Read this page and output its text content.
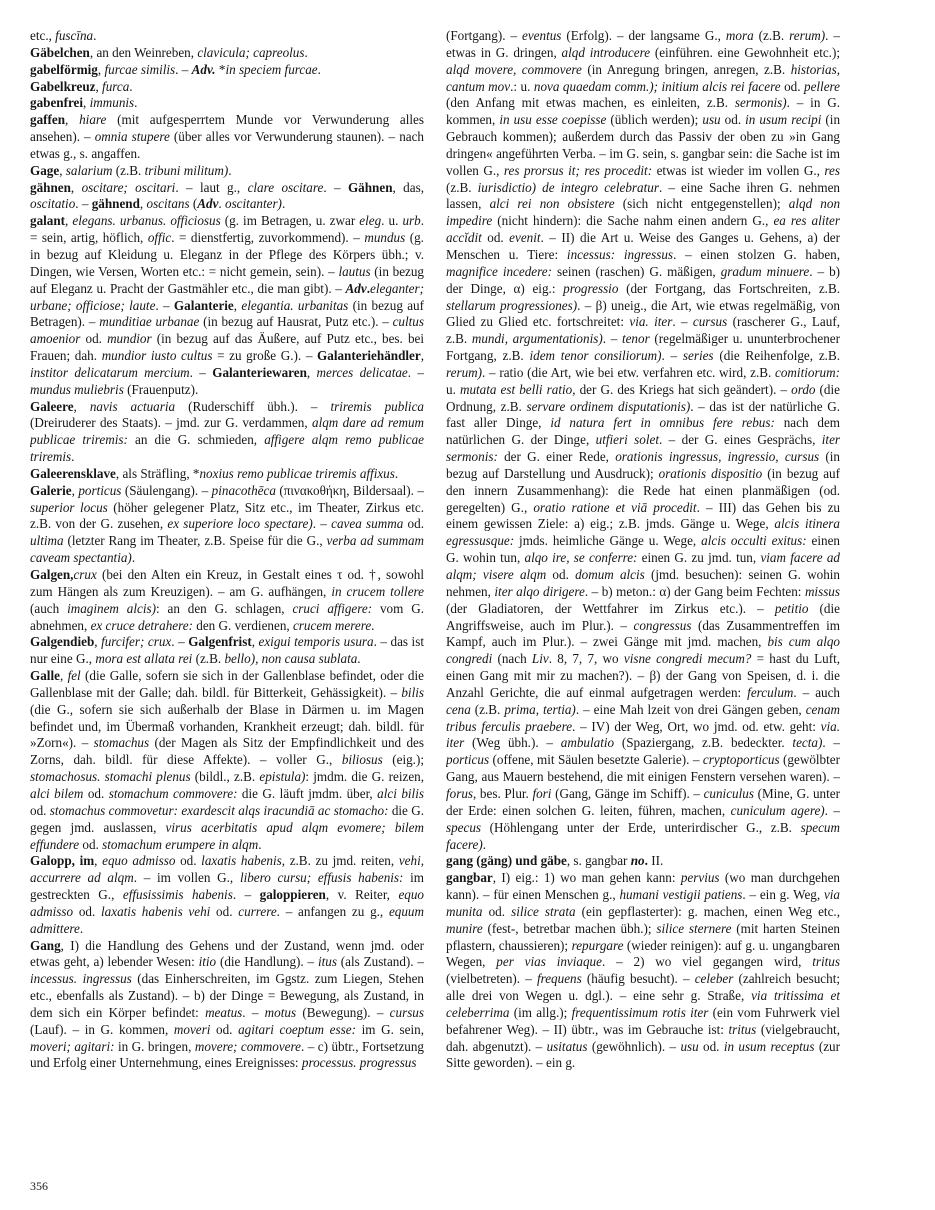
etc., fuscīna.
Gäbelchen, an den Weinreben, clavicula; capreolus.
gabelförmig, furcae similis. – Adv. *in speciem furcae.
Gabelkreuz, furca.
gabenfrei, immunis.
gaffen, hiare (mit aufgesperrtem Munde vor Verwunderung alles ansehen). – omnia stupere (über alles vor Verwunderung staunen). – nach etwas g., s. angaffen.
Gage, salarium (z.B. tribuni militum).
gähnen, oscitare; oscitari. – laut g., clare oscitare. – Gähnen, das, oscitatio. – gähnend, oscitans (Adv. oscitanter).
galant, elegans. urbanus. officiosus (g. im Betragen, u. zwar eleg. u. urb. = sein, artig, höflich, offic. = dienstfertig, zuvorkommend). – mundus (g. in bezug auf Kleidung u. Eleganz in der Pflege des Körpers übh.; v. Dingen, wie Versen, Worten etc.: = nicht gemein, sein). – lautus (in bezug auf Eleganz u. Pracht der Gastmähler etc., die man gibt). – Adv.eleganter; urbane; officiose; laute. – Galanterie, elegantia. urbanitas (in bezug auf Betragen). – munditiae urbanae (in bezug auf Hausrat, Putz etc.). – cultus amoenior od. mundior (in bezug auf das Äußere, auf Putz etc., bes. bei Frauen; dah. mundior iusto cultus = zu große G.). – Galanteriehändler, institor delicatarum mercium. – Galanteriewaren, merces delicatae. – mundus muliebris (Frauenputz).
Galeere, navis actuaria (Ruderschiff übh.). – triremis publica (Dreiruderer des Staats). – jmd. zur G. verdammen, alqm dare ad remum publicae triremis: an die G. schmieden, affigere alqm remo publicae triremis.
Galeerensklave, als Sträfling, *noxius remo publicae triremis affixus.
Galerie, porticus (Säulengang). – pinacothēca (πινακοθήκη, Bildersaal). – superior locus (höher gelegener Platz, Sitz etc., im Theater, Zirkus etc. z.B. von der G. zusehen, ex superiore loco spectare). – cavea summa od. ultima (letzter Rang im Theater, z.B. Speise für die G., verba ad summam caveam spectantia).
Galgen,crux (bei den Alten ein Kreuz, in Gestalt eines τ od. †, sowohl zum Hängen als zum Kreuzigen). – am G. aufhängen, in crucem tollere (auch imaginem alcis): an den G. schlagen, cruci affigere: vom G. abnehmen, ex cruce detrahere: den G. verdienen, crucem merere.
Galgendieb, furcifer; crux. – Galgenfrist, exigui temporis usura. – das ist nur eine G., mora est allata rei (z.B. bello), non causa sublata.
Galle, fel (die Galle, sofern sie sich in der Gallenblase befindet, oder die Gallenblase mit der Galle; dah. bildl. für Bitterkeit, Gehässigkeit). – bilis (die G., sofern sie sich außerhalb der Blase in Därmen u. im Magen befindet und, im Übermaß vorhanden, Krankheit erzeugt; dah. bildl. für »Zorn«). – stomachus (der Magen als Sitz der Empfindlichkeit und des Zorns, dah. bildl. für diese Affekte). – voller G., biliosus (eig.); stomachosus. stomachi plenus (bildl., z.B. epistula): jmdm. die G. reizen, alci bilem od. stomachum commovere: die G. läuft jmdm. über, alci bilis od. stomachus commovetur: exardescit alqs iracundiā ac stomacho: die G. gegen jmd. auslassen, virus acerbitatis apud alqm evomere; bilem effundere od. stomachum erumpere in alqm.
Galopp, im, equo admisso od. laxatis habenis, z.B. zu jmd. reiten, vehi, accurrere ad alqm. – im vollen G., libero cursu; effusis habenis: im gestreckten G., effusissimis habenis. – galoppieren, v. Reiter, equo admisso od. laxatis habenis vehi od. currere. – anfangen zu g., equum admittere.
Gang, I) die Handlung des Gehens und der Zustand, wenn jmd. oder etwas geht, a) lebender Wesen: itio (die Handlung). – itus (als Zustand). – incessus. ingressus (das Einherschreiten, im Ggstz. zum Liegen, Stehen etc., ebenfalls als Zustand). – b) der Dinge = Bewegung, als Zustand, in dem sich ein Körper befindet: meatus. – motus (Bewegung). – cursus (Lauf). – in G. kommen, moveri od. agitari coeptum esse: im G. sein, moveri; agitari: in G. bringen, movere; commovere. – c) übtr., Fortsetzung und Erfolg einer Unternehmung, eines Ereignisses: processus. progressus
(Fortgang). – eventus (Erfolg). – der langsame G., mora (z.B. rerum). – etwas in G. dringen, alqd introducere (einführen. eine Gewohnheit etc.); alqd movere, commovere (in Anregung bringen, anregen, z.B. historias, cantum mov.: u. nova quaedam comm.); initium alcis rei facere od. pellere (den Anfang mit etwas machen, es einleiten, z.B. sermonis). – in G. kommen, in usu esse coepisse (üblich werden); usu od. in usum recipi (in Gebrauch kommen); außerdem durch das Passiv der oben zu »in Gang dringen« angeführten Verba. – im G. sein, s. gangbar sein: die Sache ist im vollen G., res prorsus it; res procedit: etwas ist wieder im vollen G., res (z.B. iurisdictio) de integro celebratur. – eine Sache ihren G. nehmen lassen, alci rei non obsistere (sich nicht entgegenstellen); alqd non impedire (nicht hindern): die Sache nahm einen andern G., ea res aliter accĭdit od. evenit. – II) die Art u. Weise des Ganges u. Gehens, a) der Menschen u. Tiere: incessus: ingressus. – einen stolzen G. haben, magnifice incedere: seinen (raschen) G. mäßigen, gradum minuere. – b) der Dinge, α) eig.: progressio (der Fortgang, das Fortschreiten, z.B. stellarum progressiones). – β) uneig., die Art, wie etwas regelmäßig, von Glied zu Glied etc. fortschreitet: via. iter. – cursus (rascherer G., Lauf, z.B. mundi, argumentationis). – tenor (regelmäßiger u. ununterbrochener Fortgang, z.B. idem tenor consiliorum). – series (die Reihenfolge, z.B. rerum). – ratio (die Art, wie bei etw. verfahren etc. wird, z.B. comitiorum: u. mutata est belli ratio, der G. des Kriegs hat sich geändert). – ordo (die Ordnung, z.B. servare ordinem disputationis). – das ist der natürliche G. fast aller Dinge, id natura fert in omnibus fere rebus: nach dem natürlichen G. der Dinge, utfieri solet. – der G. eines Gesprächs, iter sermonis: der G. einer Rede, orationis ingressus, ingressio, cursus (in bezug auf Darstellung und Ausdruck); orationis dispositio (in bezug auf den innern Zusammenhang): die Rede hat einen planmäßigen (od. geregelten) G., oratio ratione et viā procedit. – III) das Gehen bis zu einem gewissen Ziele: a) eig.; z.B. jmds. Gänge u. Wege, alcis itinera egressusque: jmds. heimliche Gänge u. Wege, alcis occulti exitus: einen G. wohin tun, alqo ire, se conferre: einen G. zu jmd. tun, viam facere ad alqm; visere alqm od. domum alcis (jmd. besuchen): seinen G. wohin nehmen, iter alqo dirigere. – b) meton.: α) der Gang beim Fechten: missus (der Gladiatoren, der Wettfahrer im Zirkus etc.). – petitio (die Angriffsweise, auch im Plur.). – congressus (das Zusammentreffen im Kampf, auch im Plur.). – zwei Gänge mit jmd. machen, bis cum alqo congredi (nach Liv. 8, 7, 7, wo visne congredi mecum? = hast du Luft, einen Gang mit mir zu machen?). – β) der Gang von Speisen, d. i. die Anzahl Gerichte, die auf einmal aufgetragen werden: ferculum. – auch cena (z.B. prima, tertia). – eine Mah lzeit von drei Gängen geben, cenam tribus ferculis praebere. – IV) der Weg, Ort, wo jmd. od. etw. geht: via. iter (Weg übh.). – ambulatio (Spaziergang, z.B. bedeckter. tecta). – porticus (offene, mit Säulen besetzte Galerie). – cryptoporticus (gewölbter Gang, aus Mauern bestehend, die mit einigen Fenstern versehen waren). – forus, bes. Plur. fori (Gang, Gänge im Schiff). – cuniculus (Mine, G. unter der Erde: einen solchen G. leiten, führen, machen, cuniculum agere). – specus (Höhlengang unter der Erde, unterirdischer G., z.B. specum facere).
gang (gäng) und gäbe, s. gangbar no. II.
gangbar, I) eig.: 1) wo man gehen kann: pervius (wo man durchgehen kann). – für einen Menschen g., humani vestigii patiens. – ein g. Weg, via munita od. silice strata (ein gepflasterter): g. machen, einen Weg etc., munire (fest-, betretbar machen übh.); silice sternere (mit harten Steinen pflastern, chaussieren); repurgare (wieder reinigen): auf g. u. ungangbaren Wegen, per vias inviaque. – 2) wo viel gegangen wird, tritus (vielbetreten). – frequens (häufig besucht). – celeber (zahlreich besucht; alle drei von Wegen u. dgl.). – eine sehr g. Straße, via tritissima et celeberrima (im allg.); frequentissimum rotis iter (ein vom Fuhrwerk viel befahrener Weg). – II) übtr., was im Gebrauche ist: tritus (vielgebraucht, dah. abgenutzt). – usitatus (gewöhnlich). – usu od. in usum receptus (zur Sitte geworden). – ein g.
356
